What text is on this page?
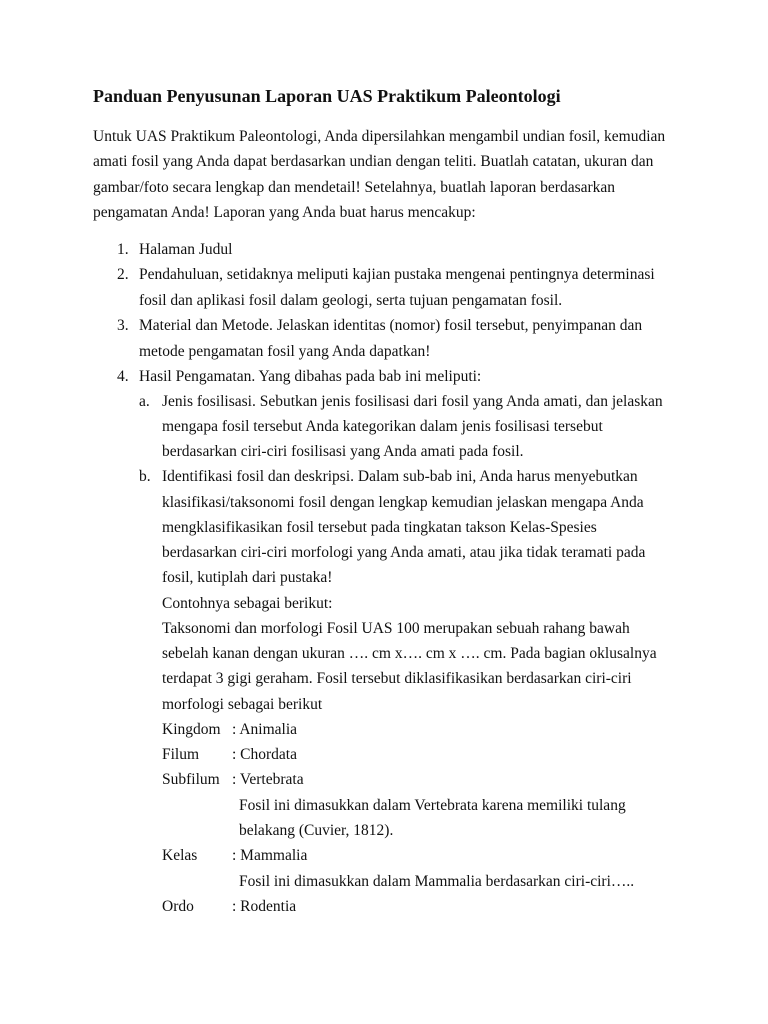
Panduan Penyusunan Laporan UAS Praktikum Paleontologi
Untuk UAS Praktikum Paleontologi, Anda dipersilahkan mengambil undian fosil, kemudian
amati fosil yang Anda dapat berdasarkan undian dengan teliti. Buatlah catatan, ukuran dan
gambar/foto secara lengkap dan mendetail! Setelahnya, buatlah laporan berdasarkan
pengamatan Anda! Laporan yang Anda buat harus mencakup:
1. Halaman Judul
2. Pendahuluan, setidaknya meliputi kajian pustaka mengenai pentingnya determinasi
fosil dan aplikasi fosil dalam geologi, serta tujuan pengamatan fosil.
3. Material dan Metode. Jelaskan identitas (nomor) fosil tersebut, penyimpanan dan
metode pengamatan fosil yang Anda dapatkan!
4. Hasil Pengamatan. Yang dibahas pada bab ini meliputi:
a. Jenis fosilisasi. Sebutkan jenis fosilisasi dari fosil yang Anda amati, dan jelaskan
mengapa fosil tersebut Anda kategorikan dalam jenis fosilisasi tersebut
berdasarkan ciri-ciri fosilisasi yang Anda amati pada fosil.
b. Identifikasi fosil dan deskripsi. Dalam sub-bab ini, Anda harus menyebutkan
klasifikasi/taksonomi fosil dengan lengkap kemudian jelaskan mengapa Anda
mengklasifikasikan fosil tersebut pada tingkatan takson Kelas-Spesies
berdasarkan ciri-ciri morfologi yang Anda amati, atau jika tidak teramati pada
fosil, kutiplah dari pustaka!
Contohnya sebagai berikut:
Taksonomi dan morfologi Fosil UAS 100 merupakan sebuah rahang bawah
sebelah kanan dengan ukuran …. cm x…. cm x …. cm. Pada bagian oklusalnya
terdapat 3 gigi geraham. Fosil tersebut diklasifikasikan berdasarkan ciri-ciri
morfologi sebagai berikut
Kingdom : Animalia
Filum : Chordata
Subfilum : Vertebrata
Fosil ini dimasukkan dalam Vertebrata karena memiliki tulang
belakang (Cuvier, 1812).
Kelas : Mammalia
Fosil ini dimasukkan dalam Mammalia berdasarkan ciri-ciri…..
Ordo : Rodentia
